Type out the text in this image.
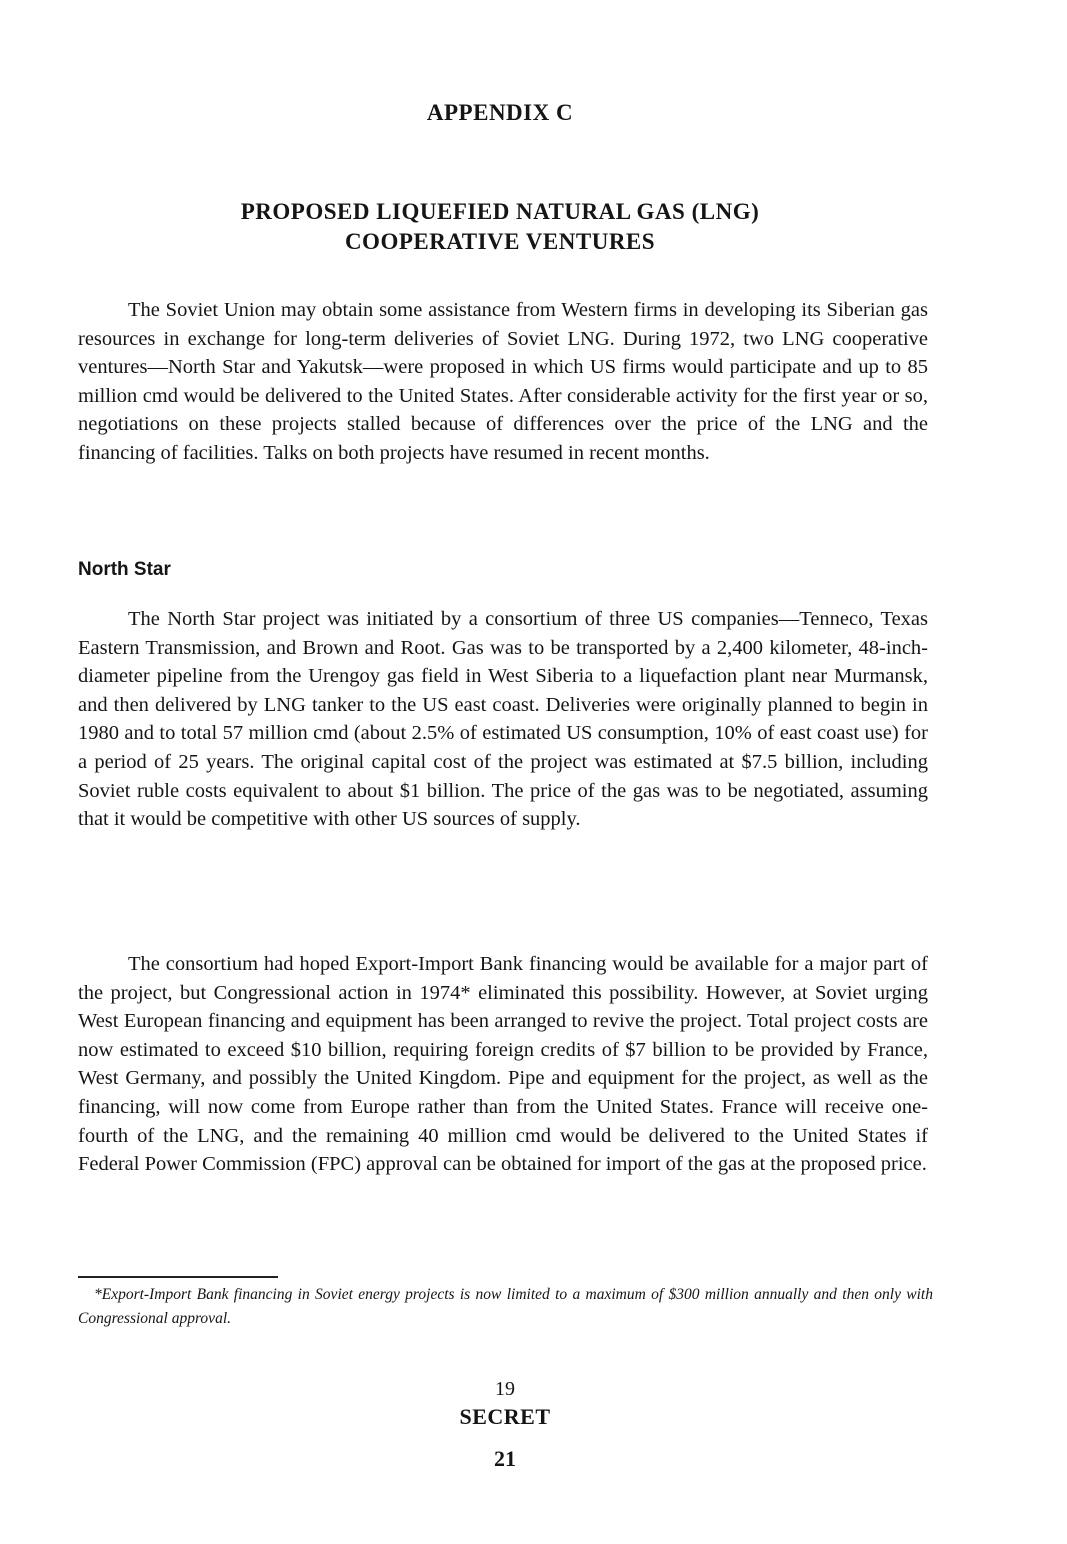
APPENDIX C
PROPOSED LIQUEFIED NATURAL GAS (LNG)
COOPERATIVE VENTURES

The Soviet Union may obtain some assistance from Western firms in developing its Siberian gas resources in exchange for long-term deliveries of Soviet LNG. During 1972, two LNG cooperative ventures—North Star and Yakutsk—were proposed in which US firms would participate and up to 85 million cmd would be delivered to the United States. After considerable activity for the first year or so, negotiations on these projects stalled because of differences over the price of the LNG and the financing of facilities. Talks on both projects have resumed in recent months.

North Star

The North Star project was initiated by a consortium of three US companies—Tenneco, Texas Eastern Transmission, and Brown and Root. Gas was to be transported by a 2,400 kilometer, 48-inch-diameter pipeline from the Urengoy gas field in West Siberia to a liquefaction plant near Murmansk, and then delivered by LNG tanker to the US east coast. Deliveries were originally planned to begin in 1980 and to total 57 million cmd (about 2.5% of estimated US consumption, 10% of east coast use) for a period of 25 years. The original capital cost of the project was estimated at $7.5 billion, including Soviet ruble costs equivalent to about $1 billion. The price of the gas was to be negotiated, assuming that it would be competitive with other US sources of supply.

The consortium had hoped Export-Import Bank financing would be available for a major part of the project, but Congressional action in 1974* eliminated this possibility. However, at Soviet urging West European financing and equipment has been arranged to revive the project. Total project costs are now estimated to exceed $10 billion, requiring foreign credits of $7 billion to be provided by France, West Germany, and possibly the United Kingdom. Pipe and equipment for the project, as well as the financing, will now come from Europe rather than from the United States. France will receive one-fourth of the LNG, and the remaining 40 million cmd would be delivered to the United States if Federal Power Commission (FPC) approval can be obtained for import of the gas at the proposed price.

*Export-Import Bank financing in Soviet energy projects is now limited to a maximum of $300 million annually and then only with Congressional approval.

19
SECRET
21
